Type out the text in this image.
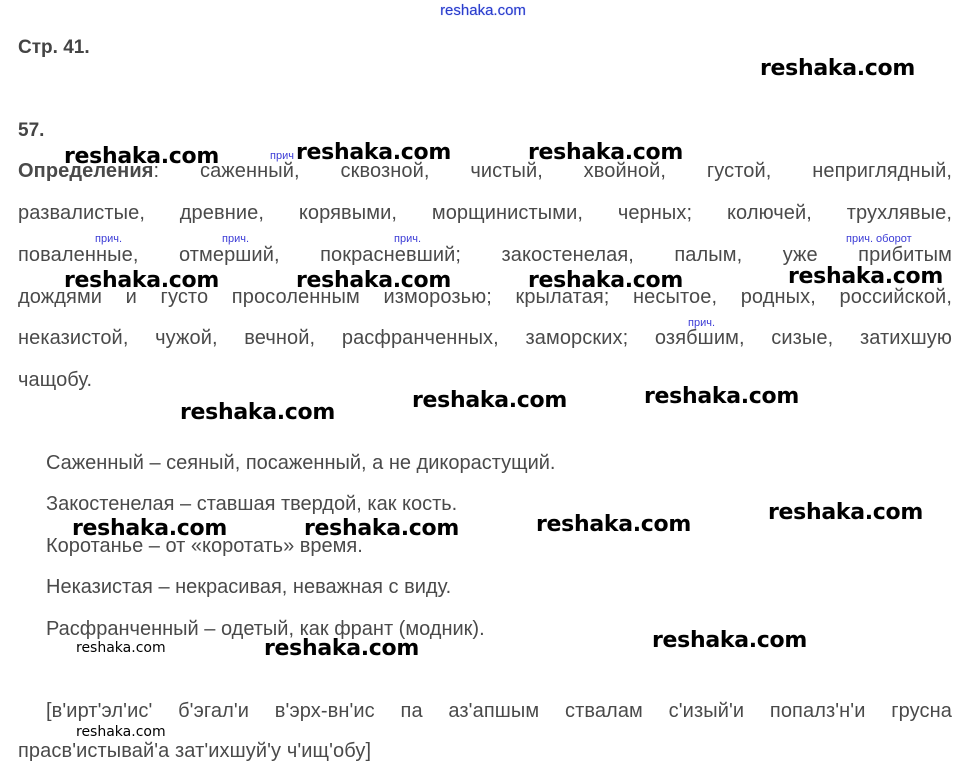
reshaka.com
Стр. 41.
57.
прич
прич.	прич.	прич.	прич. оборот
прич.
Определения: саженный, сквозной, чистый, хвойной, густой, неприглядный,
развалистые, древние, корявыми, морщинистыми, черных; колючей, трухлявые,
поваленные, отмерший, покрасневший; закостенелая, палым, уже прибитым
дождями и густо просоленным изморозью; крылатая; несытое, родных, российской,
неказистой, чужой, вечной, расфранченных, заморских; озябшим, сизые, затихшую
чащобу.
Саженный – сеяный, посаженный, а не дикорастущий.
Закостенелая – ставшая твердой, как кость.
Коротанье – от «коротать» время.
Неказистая – некрасивая, неважная с виду.
Расфранченный – одетый, как франт (модник).
[в'ирт'эл'ис' б'эгал'и в'эрх-вн'ис па аз'апшым ствалам с'изый'и попалз'н'и грусна
прасв'истывай'а зат'ихшуй'у ч'ищ'обу]
reshaka.com
reshaka.com	reshaka.com	reshaka.com
reshaka.com	reshaka.com	reshaka.com	reshaka.com
reshaka.com	reshaka.com	reshaka.com
reshaka.com	reshaka.com	reshaka.com	reshaka.com
reshaka.com	reshaka.com	reshaka.com
reshaka.com
